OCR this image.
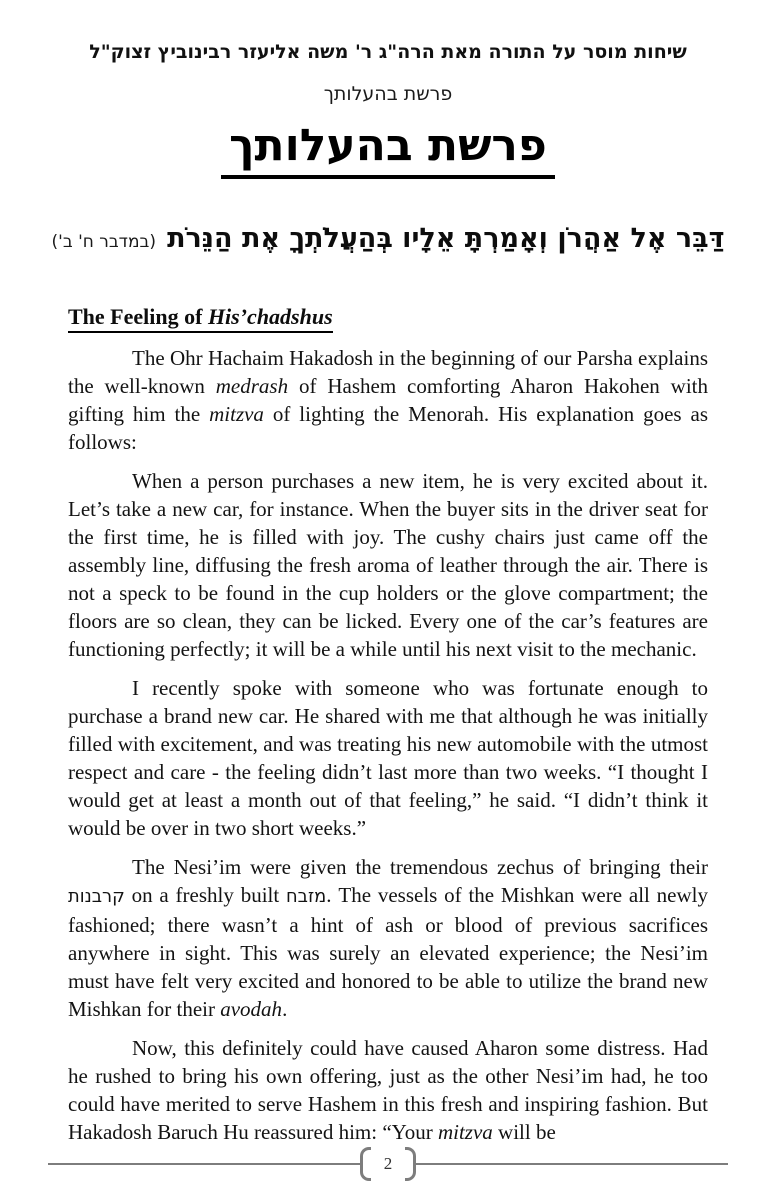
שיחות מוסר על התורה מאת הרה"ג ר' משה אליעזר רבינוביץ זצוק"ל
פרשת בהעלותך
פרשת בהעלותך
דַּבֵּר אֶל אַהֲרֹן וְאָמַרְתָּ אֵלָיו בְּהַעֲלֹתְךָ אֶת הַנֵּרֹת (במדבר ח' ב')
The Feeling of His’chadshus

The Ohr Hachaim Hakadosh in the beginning of our Parsha explains the well-known medrash of Hashem comforting Aharon Hakohen with gifting him the mitzva of lighting the Menorah. His explanation goes as follows:

When a person purchases a new item, he is very excited about it. Let’s take a new car, for instance. When the buyer sits in the driver seat for the first time, he is filled with joy. The cushy chairs just came off the assembly line, diffusing the fresh aroma of leather through the air. There is not a speck to be found in the cup holders or the glove compartment; the floors are so clean, they can be licked. Every one of the car’s features are functioning perfectly; it will be a while until his next visit to the mechanic.

I recently spoke with someone who was fortunate enough to purchase a brand new car. He shared with me that although he was initially filled with excitement, and was treating his new automobile with the utmost respect and care - the feeling didn’t last more than two weeks. “I thought I would get at least a month out of that feeling,” he said. “I didn’t think it would be over in two short weeks.”

The Nesi’im were given the tremendous zechus of bringing their קרבנות on a freshly built מזבח. The vessels of the Mishkan were all newly fashioned; there wasn’t a hint of ash or blood of previous sacrifices anywhere in sight. This was surely an elevated experience; the Nesi’im must have felt very excited and honored to be able to utilize the brand new Mishkan for their avodah.

Now, this definitely could have caused Aharon some distress. Had he rushed to bring his own offering, just as the other Nesi’im had, he too could have merited to serve Hashem in this fresh and inspiring fashion. But Hakadosh Baruch Hu reassured him: “Your mitzva will be

2
